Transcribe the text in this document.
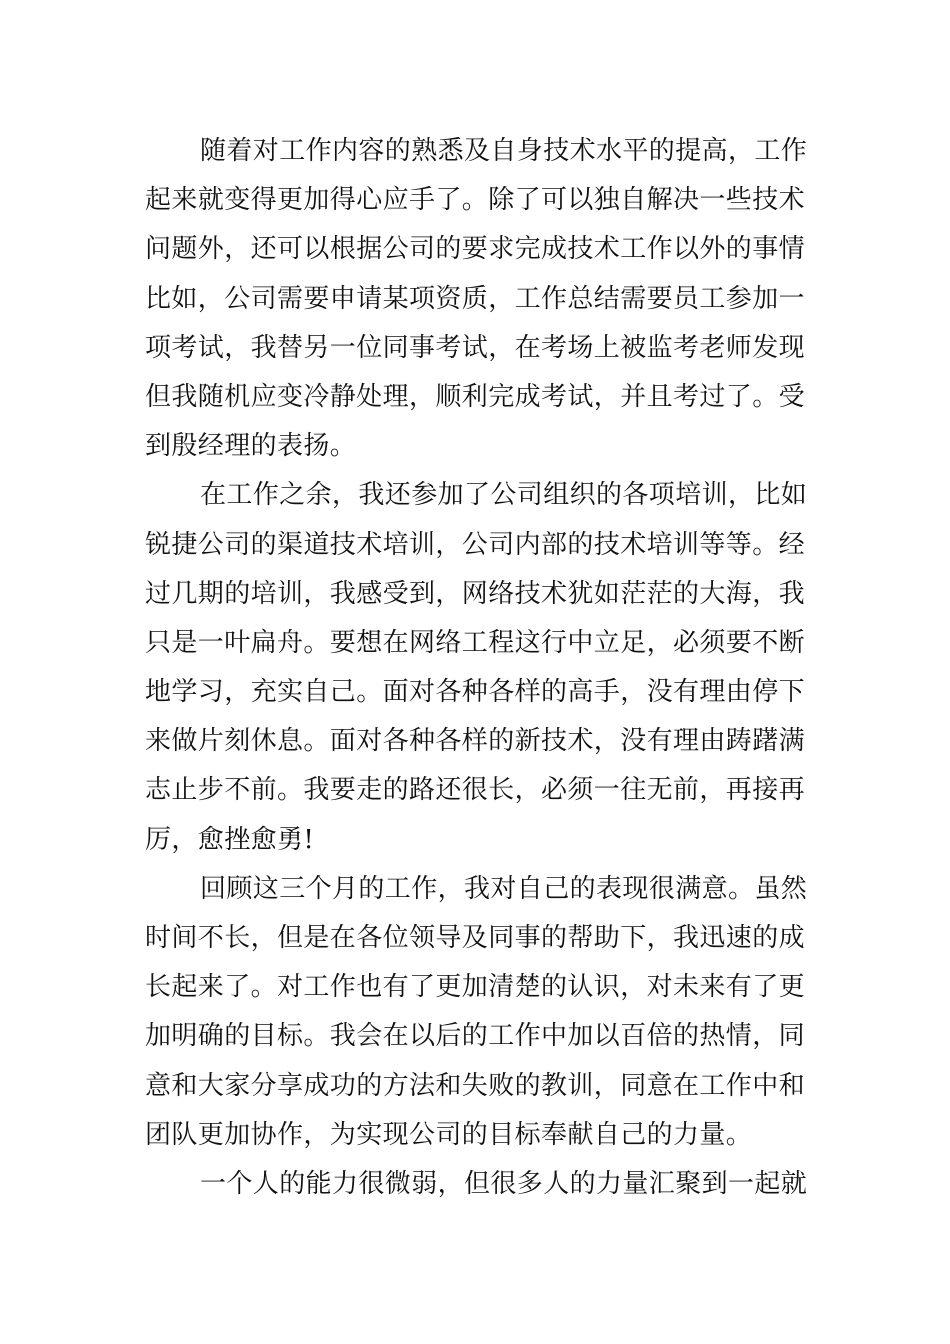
随着对工作内容的熟悉及自身技术水平的提高，工作
起来就变得更加得心应手了。除了可以独自解决一些技术
问题外，还可以根据公司的要求完成技术工作以外的事情
比如，公司需要申请某项资质，工作总结需要员工参加一
项考试，我替另一位同事考试，在考场上被监考老师发现
但我随机应变冷静处理，顺利完成考试，并且考过了。受
到殷经理的表扬。
在工作之余，我还参加了公司组织的各项培训，比如
锐捷公司的渠道技术培训，公司内部的技术培训等等。经
过几期的培训，我感受到，网络技术犹如茫茫的大海，我
只是一叶扁舟。要想在网络工程这行中立足，必须要不断
地学习，充实自己。面对各种各样的高手，没有理由停下
来做片刻休息。面对各种各样的新技术，没有理由踌躇满
志止步不前。我要走的路还很长，必须一往无前，再接再
厉，愈挫愈勇!
回顾这三个月的工作，我对自己的表现很满意。虽然
时间不长，但是在各位领导及同事的帮助下，我迅速的成
长起来了。对工作也有了更加清楚的认识，对未来有了更
加明确的目标。我会在以后的工作中加以百倍的热情，同
意和大家分享成功的方法和失败的教训，同意在工作中和
团队更加协作，为实现公司的目标奉献自己的力量。
一个人的能力很微弱，但很多人的力量汇聚到一起就
